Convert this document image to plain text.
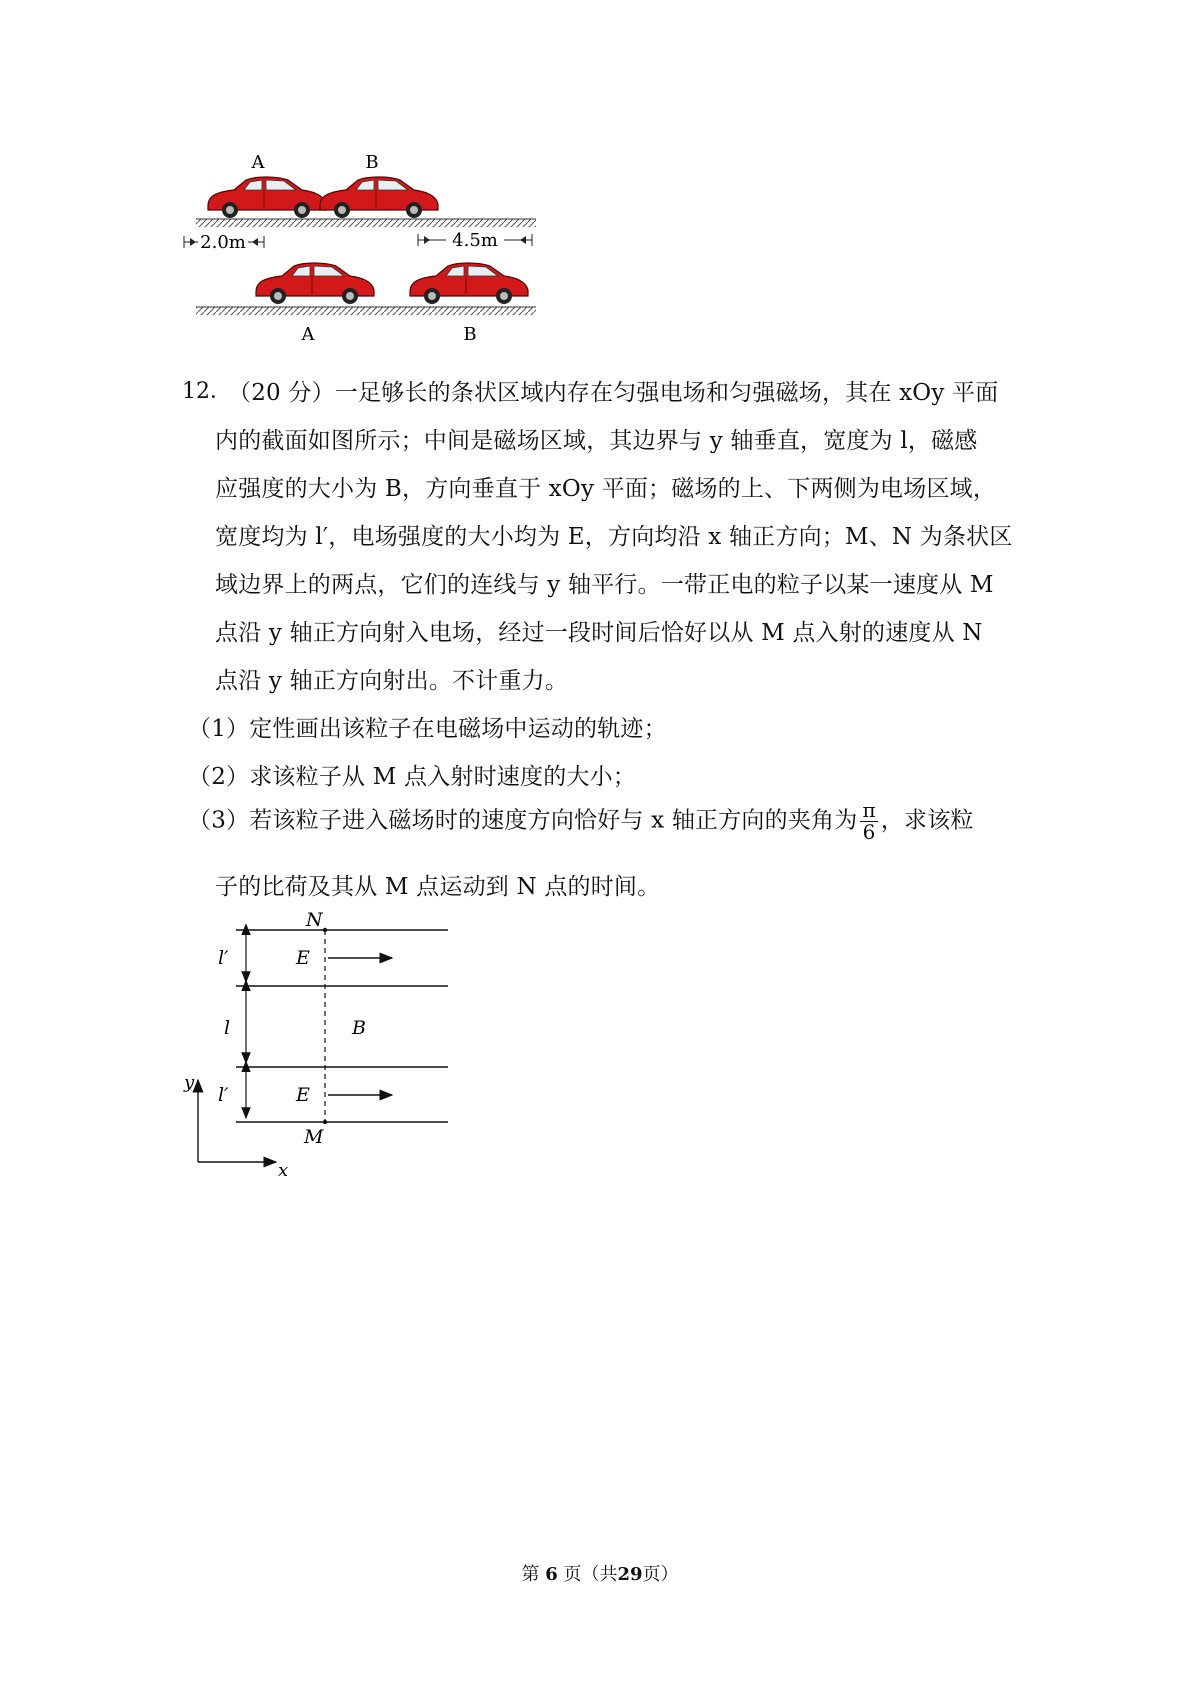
A	B
2.0m	4.5m
A	B
12．
（20 分）一足够长的条状区域内存在匀强电场和匀强磁场，其在 xOy 平面
内的截面如图所示；中间是磁场区域，其边界与 y 轴垂直，宽度为 l，磁感
应强度的大小为 B，方向垂直于 xOy 平面；磁场的上、下两侧为电场区域，
宽度均为 l′，电场强度的大小均为 E，方向均沿 x 轴正方向；M、N 为条状区
域边界上的两点，它们的连线与 y 轴平行。一带正电的粒子以某一速度从 M
点沿 y 轴正方向射入电场，经过一段时间后恰好以从 M 点入射的速度从 N
点沿 y 轴正方向射出。不计重力。
（1）定性画出该粒子在电磁场中运动的轨迹；
（2）求该粒子从 M 点入射时速度的大小；
（3）若该粒子进入磁场时的速度方向恰好与 x 轴正方向的夹角为 $\frac{\pi}{6}$ ，求该粒
子的比荷及其从 M 点运动到 N 点的时间。
N
M
l′
l
l′
E
B
E
y
x
第 6 页（共29页）
